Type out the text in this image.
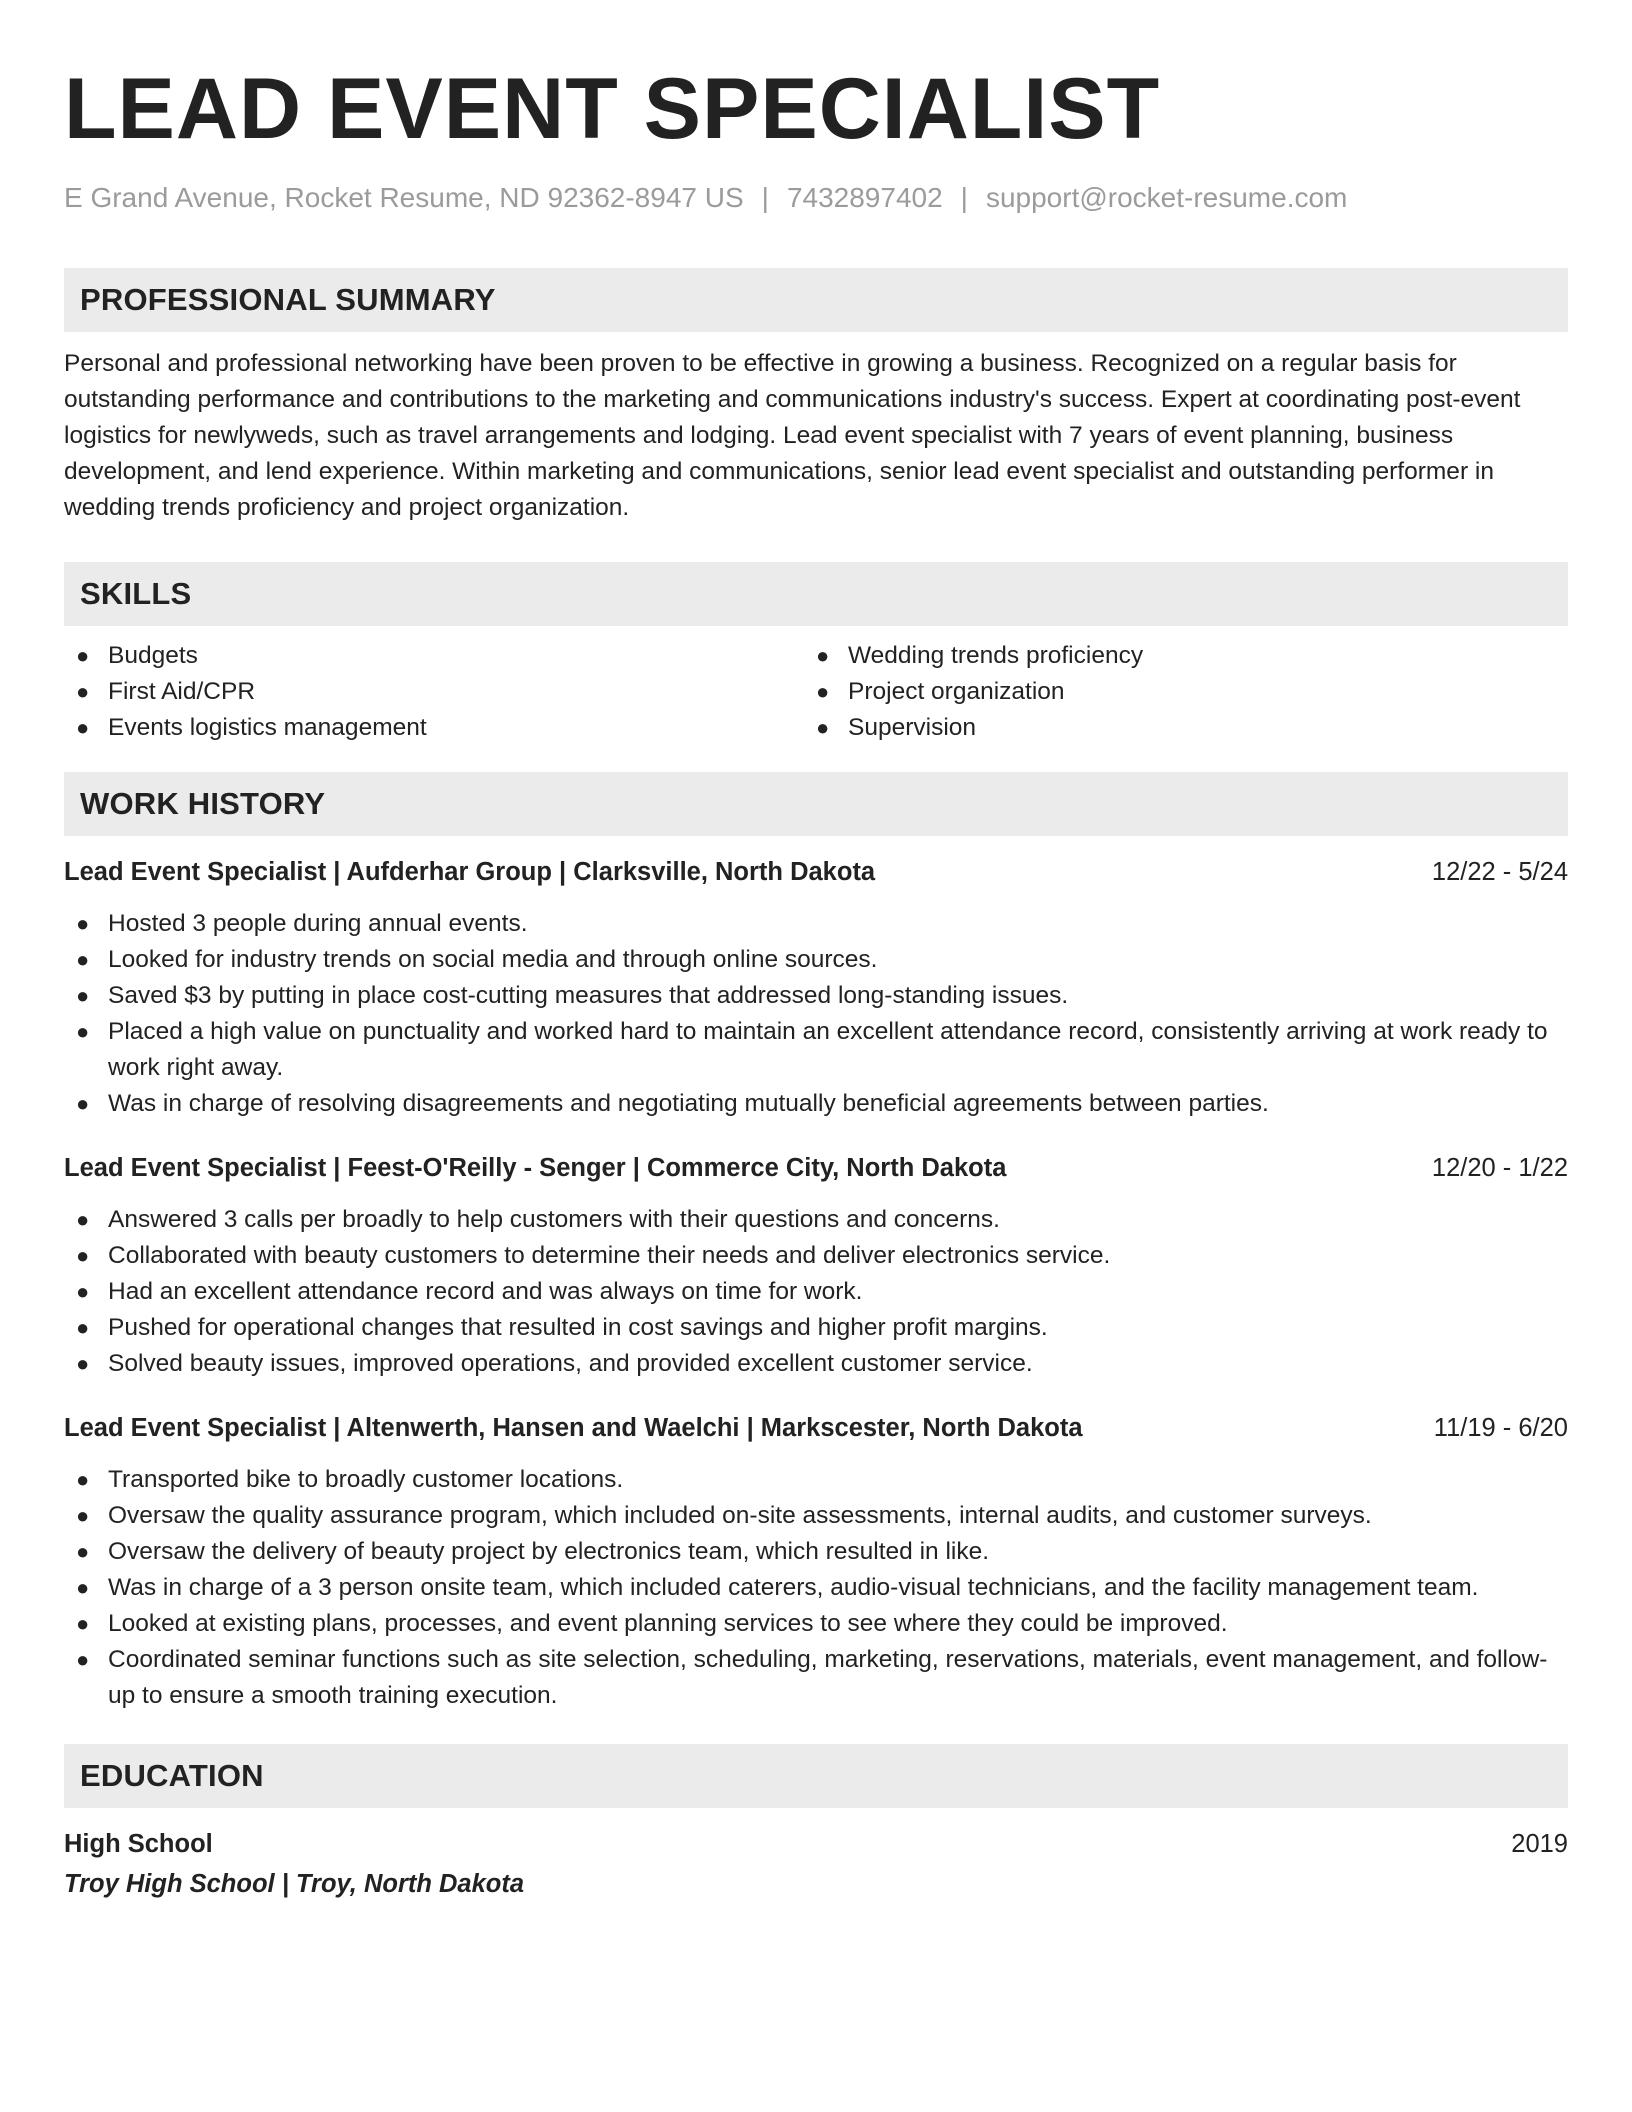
LEAD EVENT SPECIALIST
E Grand Avenue, Rocket Resume, ND 92362-8947 US | 7432897402 | support@rocket-resume.com
PROFESSIONAL SUMMARY
Personal and professional networking have been proven to be effective in growing a business. Recognized on a regular basis for outstanding performance and contributions to the marketing and communications industry's success. Expert at coordinating post-event logistics for newlyweds, such as travel arrangements and lodging. Lead event specialist with 7 years of event planning, business development, and lend experience. Within marketing and communications, senior lead event specialist and outstanding performer in wedding trends proficiency and project organization.
SKILLS
● Budgets
● First Aid/CPR
● Events logistics management
● Wedding trends proficiency
● Project organization
● Supervision
WORK HISTORY
Lead Event Specialist | Aufderhar Group | Clarksville, North Dakota	12/22 - 5/24
● Hosted 3 people during annual events.
● Looked for industry trends on social media and through online sources.
● Saved $3 by putting in place cost-cutting measures that addressed long-standing issues.
● Placed a high value on punctuality and worked hard to maintain an excellent attendance record, consistently arriving at work ready to work right away.
● Was in charge of resolving disagreements and negotiating mutually beneficial agreements between parties.
Lead Event Specialist | Feest-O'Reilly - Senger | Commerce City, North Dakota	12/20 - 1/22
● Answered 3 calls per broadly to help customers with their questions and concerns.
● Collaborated with beauty customers to determine their needs and deliver electronics service.
● Had an excellent attendance record and was always on time for work.
● Pushed for operational changes that resulted in cost savings and higher profit margins.
● Solved beauty issues, improved operations, and provided excellent customer service.
Lead Event Specialist | Altenwerth, Hansen and Waelchi | Markscester, North Dakota	11/19 - 6/20
● Transported bike to broadly customer locations.
● Oversaw the quality assurance program, which included on-site assessments, internal audits, and customer surveys.
● Oversaw the delivery of beauty project by electronics team, which resulted in like.
● Was in charge of a 3 person onsite team, which included caterers, audio-visual technicians, and the facility management team.
● Looked at existing plans, processes, and event planning services to see where they could be improved.
● Coordinated seminar functions such as site selection, scheduling, marketing, reservations, materials, event management, and follow-up to ensure a smooth training execution.
EDUCATION
High School	2019
Troy High School | Troy, North Dakota
